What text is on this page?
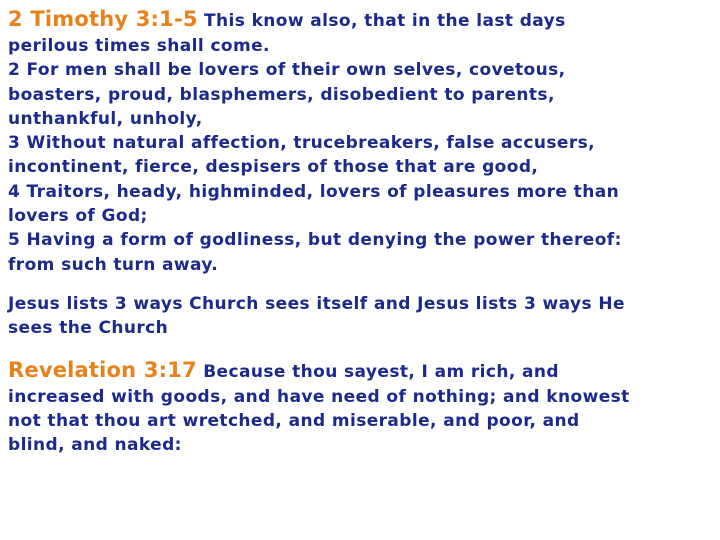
2 Timothy 3:1-5 This know also, that in the last days
perilous times shall come.
2 For men shall be lovers of their own selves, covetous,
boasters, proud, blasphemers, disobedient to parents,
unthankful, unholy,
3 Without natural affection, trucebreakers, false accusers,
incontinent, fierce, despisers of those that are good,
4 Traitors, heady, highminded, lovers of pleasures more than
lovers of God;
5 Having a form of godliness, but denying the power thereof:
from such turn away.
Jesus lists 3 ways Church sees itself and Jesus lists 3 ways He
sees the Church
Revelation 3:17 Because thou sayest, I am rich, and
increased with goods, and have need of nothing; and knowest
not that thou art wretched, and miserable, and poor, and
blind, and naked:
